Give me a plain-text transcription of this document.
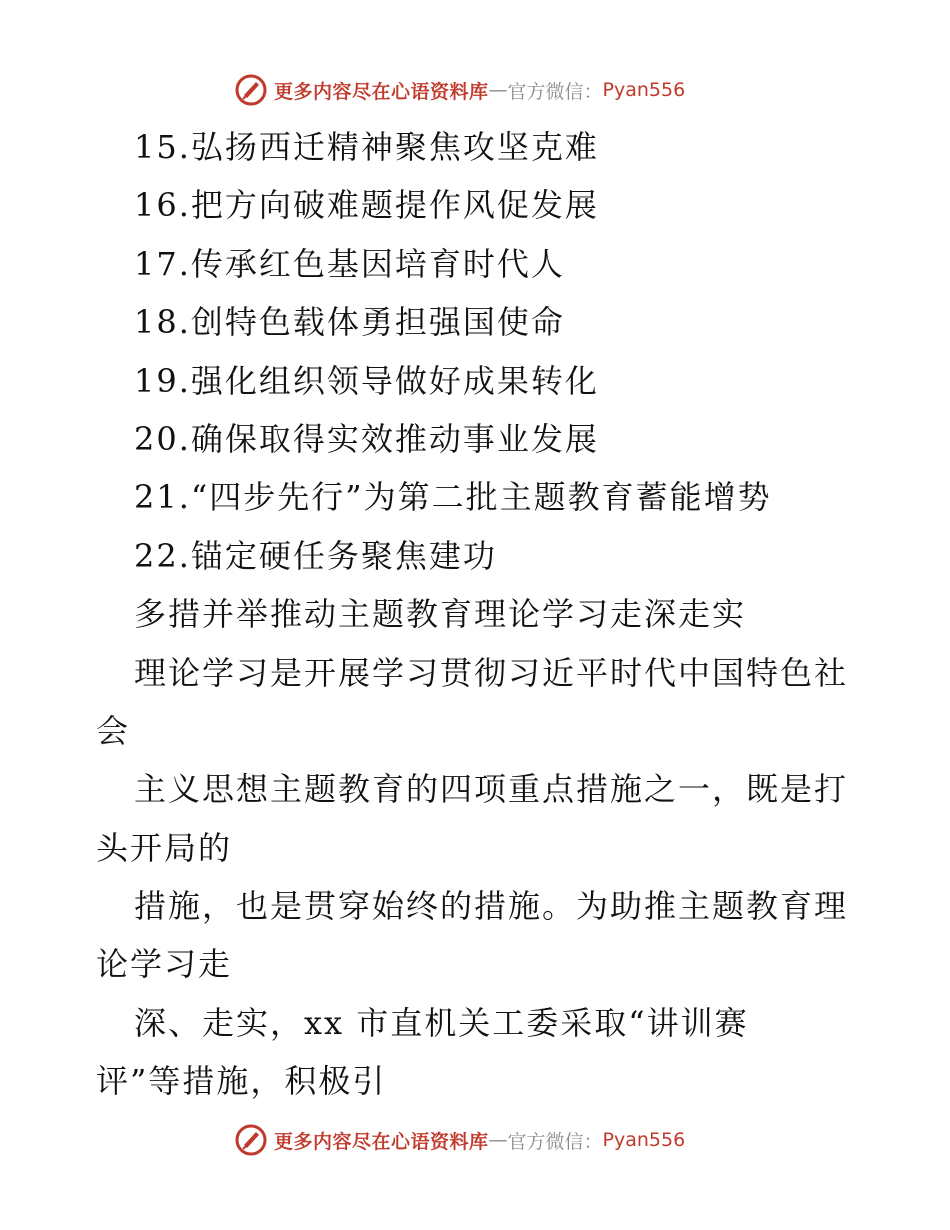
更多内容尽在心语资料库 — 官方微信： Pyan556
15.弘扬西迁精神聚焦攻坚克难
16.把方向破难题提作风促发展
17.传承红色基因培育时代人
18.创特色载体勇担强国使命
19.强化组织领导做好成果转化
20.确保取得实效推动事业发展
21.“四步先行”为第二批主题教育蓄能增势
22.锚定硬任务聚焦建功
多措并举推动主题教育理论学习走深走实
理论学习是开展学习贯彻习近平时代中国特色社
会
主义思想主题教育的四项重点措施之一，既是打
头开局的
措施，也是贯穿始终的措施。为助推主题教育理
论学习走
深、走实，xx 市直机关工委采取“讲训赛
评”等措施，积极引
更多内容尽在心语资料库 — 官方微信： Pyan556
